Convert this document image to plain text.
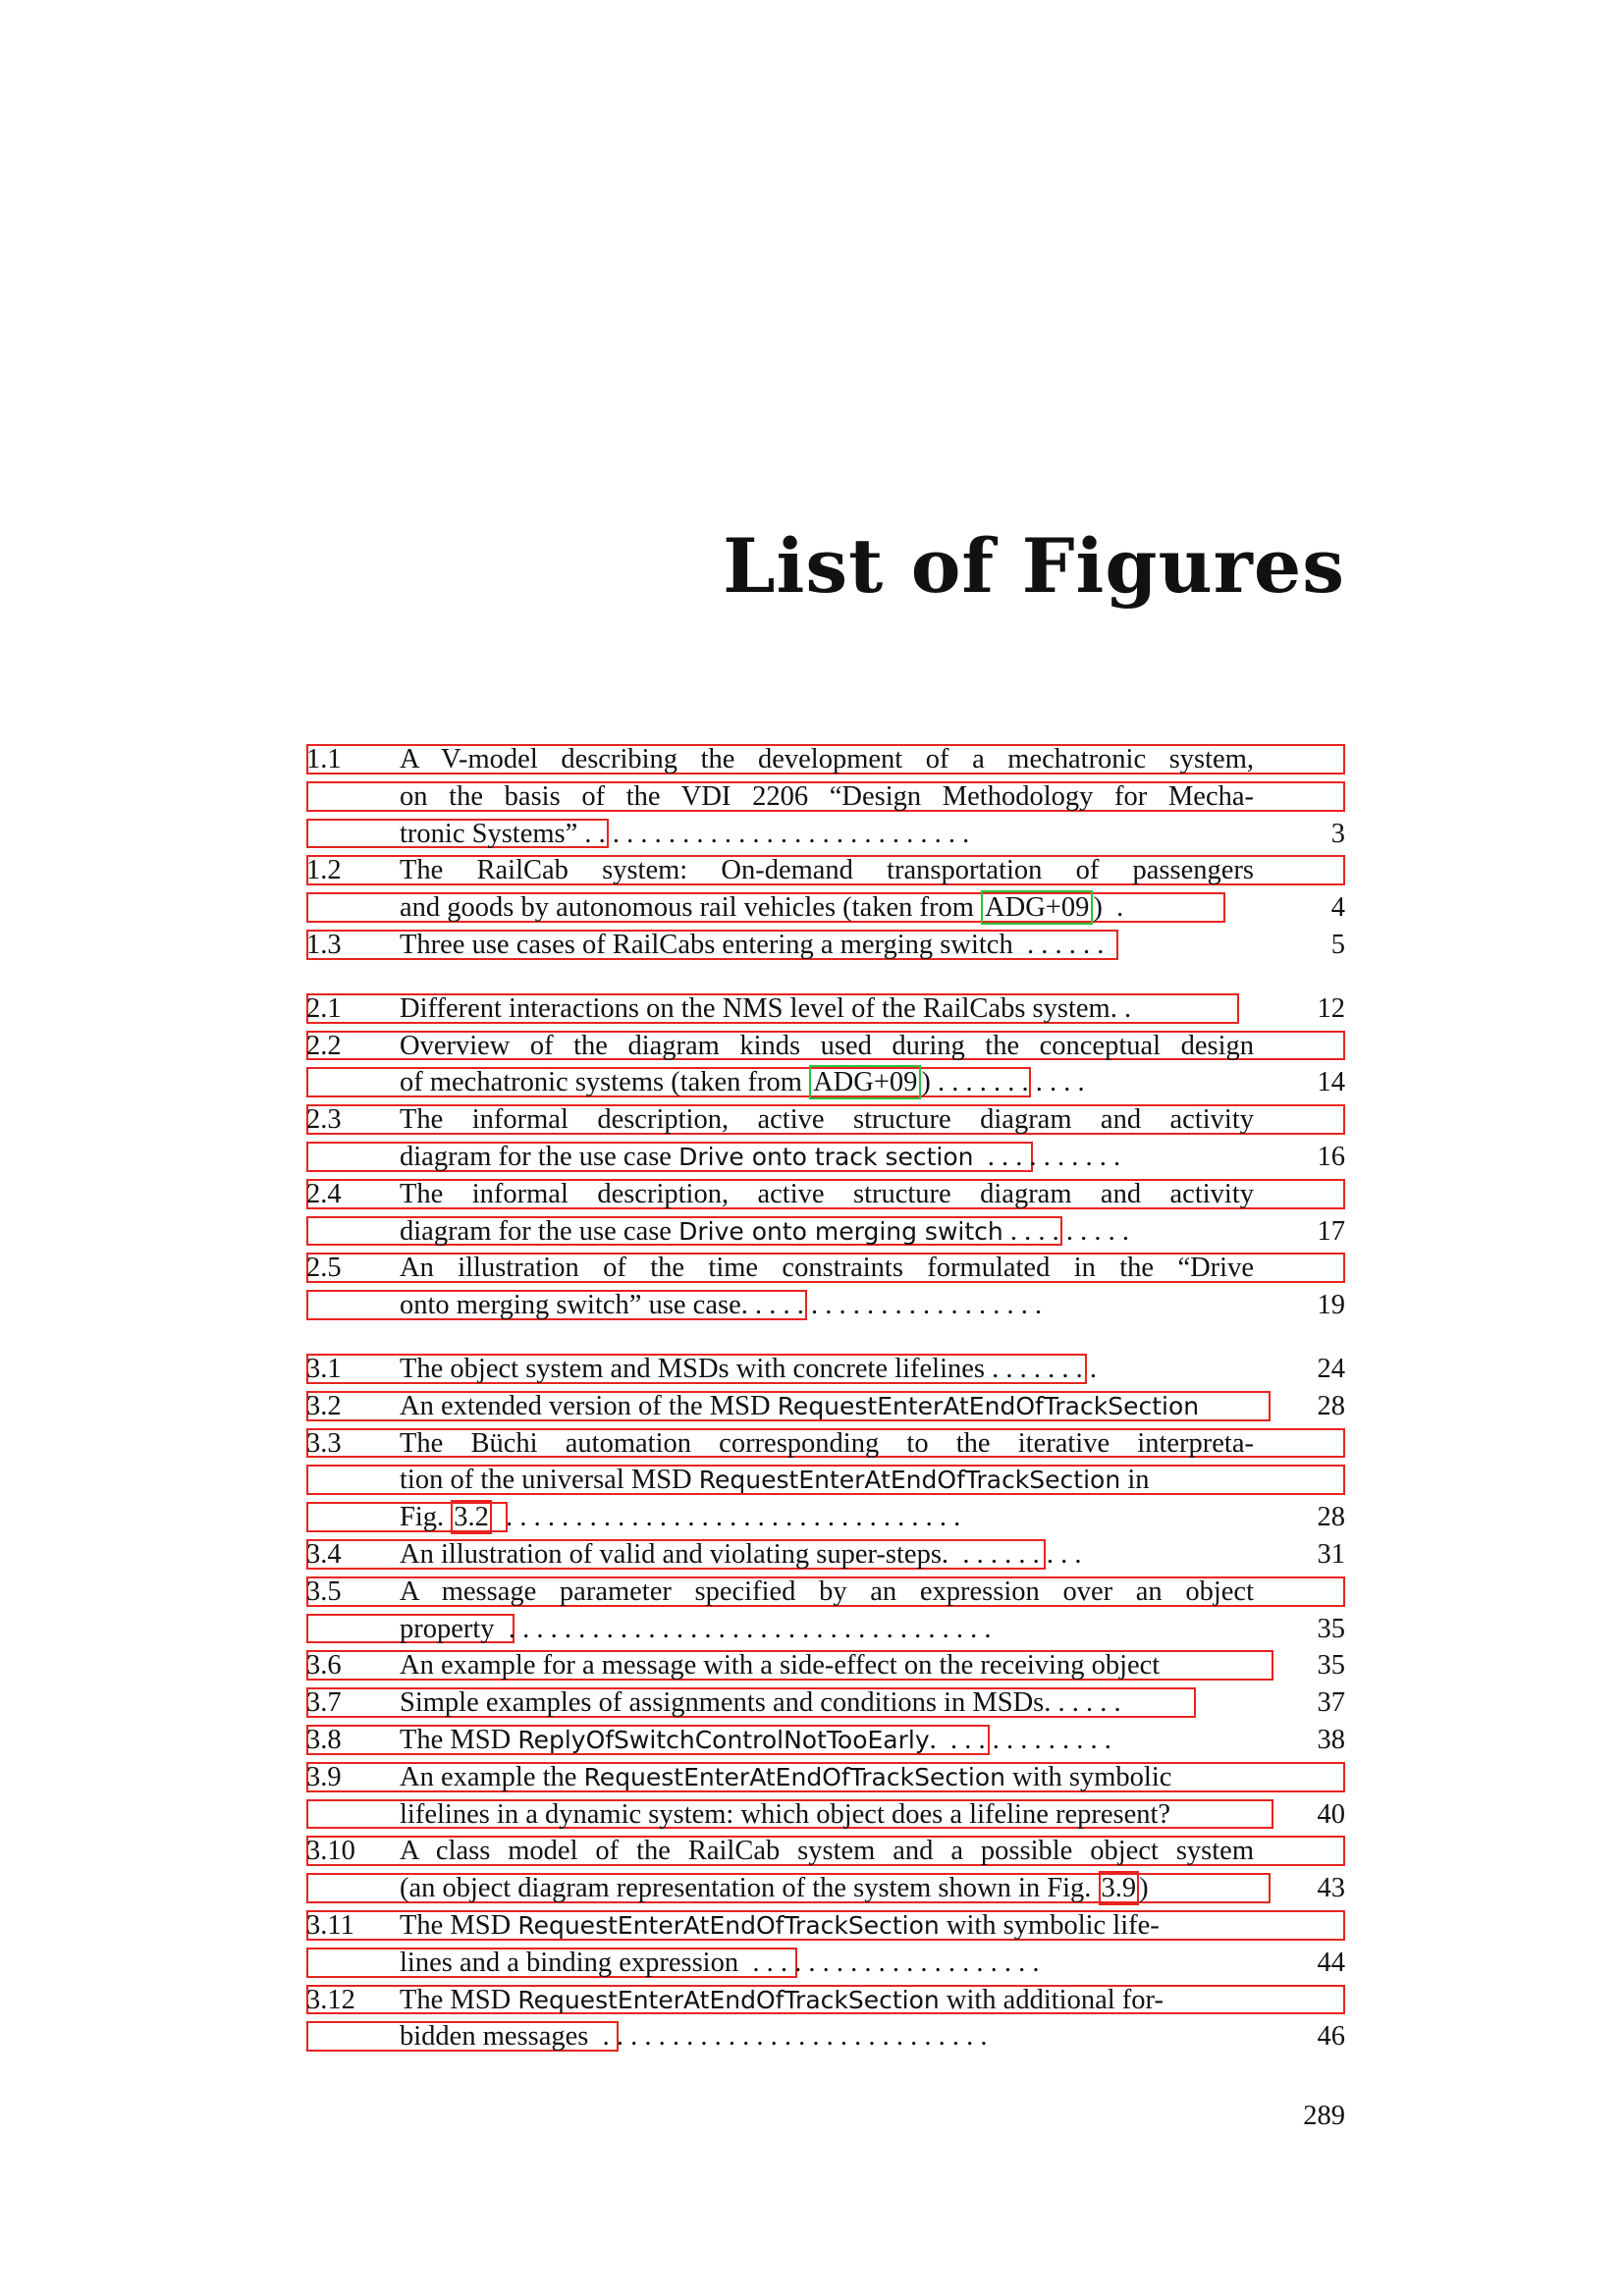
List of Figures
1.1 A V-model describing the development of a mechatronic system,
on the basis of the VDI 2206 “Design Methodology for Mecha-
tronic Systems” . . . . . . . . . . . . . . . . . . . . . . . . . . . .	3
1.2 The RailCab system: On-demand transportation of passengers
and goods by autonomous rail vehicles (taken from ADG+09 )  .	4
1.3 Three use cases of RailCabs entering a merging switch  . . . . . .	5
2.1 Different interactions on the NMS level of the RailCabs system. .	12
2.2 Overview of the diagram kinds used during the conceptual design
of mechatronic systems (taken from ADG+09 ) . . . . . . . . . . .	14
2.3 The informal description, active structure diagram and activity
diagram for the use case Drive onto track section  . . . . . . . . . .	16
2.4 The informal description, active structure diagram and activity
diagram for the use case Drive onto merging switch . . . . . . . . .	17
2.5 An illustration of the time constraints formulated in the “Drive
onto merging switch” use case. . . . . . . . . . . . . . . . . . . . . .	19
3.1 The object system and MSDs with concrete lifelines . . . . . . . .	24
3.2 An extended version of the MSD RequestEnterAtEndOfTrackSection	28
3.3 The Büchi automation corresponding to the iterative interpreta-
tion of the universal MSD RequestEnterAtEndOfTrackSection in
Fig. 3.2  . . . . . . . . . . . . . . . . . . . . . . . . . . . . . . . . .	28
3.4 An illustration of valid and violating super-steps.  . . . . . . . . .	31
3.5 A message parameter specified by an expression over an object
property  . . . . . . . . . . . . . . . . . . . . . . . . . . . . . . . . . . .	35
3.6 An example for a message with a side-effect on the receiving object	35
3.7 Simple examples of assignments and conditions in MSDs. . . . . .	37
3.8 The MSD ReplyOfSwitchControlNotTooEarly.  . . . . . . . . . . . .	38
3.9 An example the RequestEnterAtEndOfTrackSection with symbolic
lifelines in a dynamic system: which object does a lifeline represent?	40
3.10 A class model of the RailCab system and a possible object system
(an object diagram representation of the system shown in Fig. 3.9 )	43
3.11 The MSD RequestEnterAtEndOfTrackSection with symbolic life-
lines and a binding expression  . . . . . . . . . . . . . . . . . . . . .	44
3.12 The MSD RequestEnterAtEndOfTrackSection with additional for-
bidden messages  . . . . . . . . . . . . . . . . . . . . . . . . . . . .	46
289
